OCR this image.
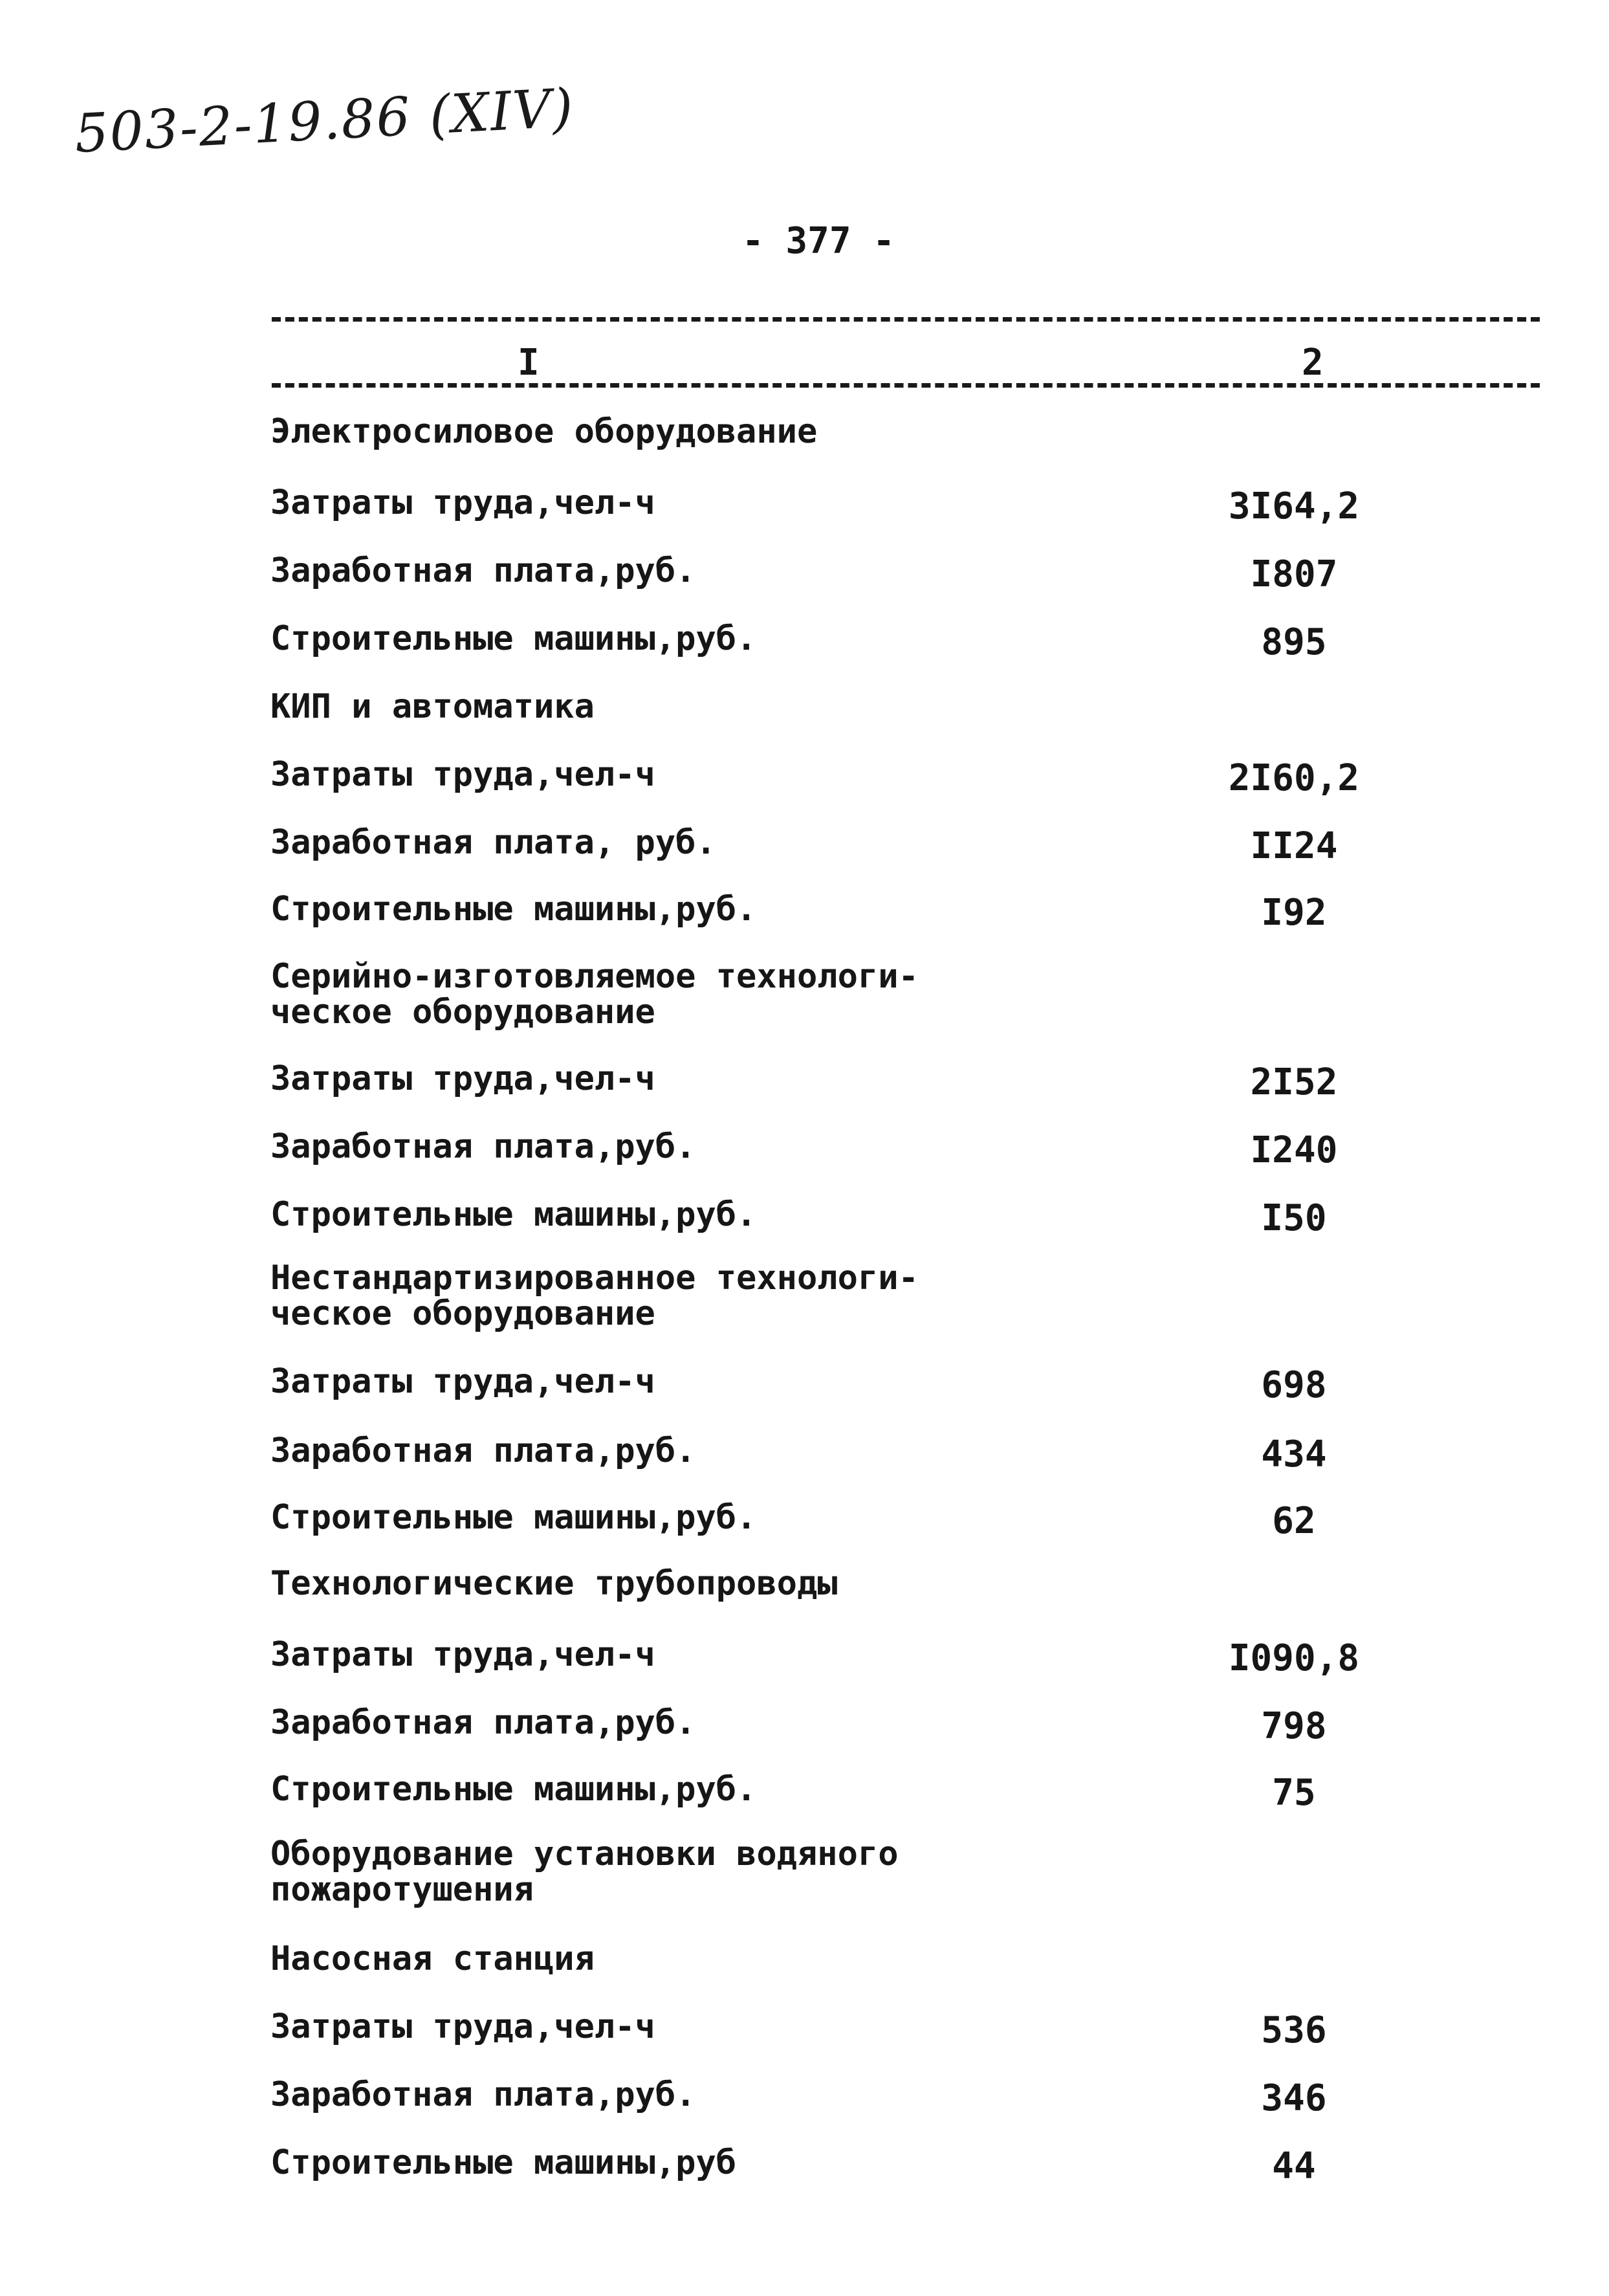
503-2-19.86 (XIV)
- 377 -
I	2
Электросиловое оборудование
Затраты труда,чел-ч	3I64,2
Заработная плата,руб.	I807
Строительные машины,руб.	895
КИП и автоматика
Затраты труда,чел-ч	2I60,2
Заработная плата, руб.	II24
Строительные машины,руб.	I92
Серийно-изготовляемое технологи-
ческое оборудование
Затраты труда,чел-ч	2I52
Заработная плата,руб.	I240
Строительные машины,руб.	I50
Нестандартизированное технологи-
ческое оборудование
Затраты труда,чел-ч	698
Заработная плата,руб.	434
Строительные машины,руб.	62
Технологические трубопроводы
Затраты труда,чел-ч	I090,8
Заработная плата,руб.	798
Строительные машины,руб.	75
Оборудование установки водяного
пожаротушения
Насосная станция
Затраты труда,чел-ч	536
Заработная плата,руб.	346
Строительные машины,руб	44
